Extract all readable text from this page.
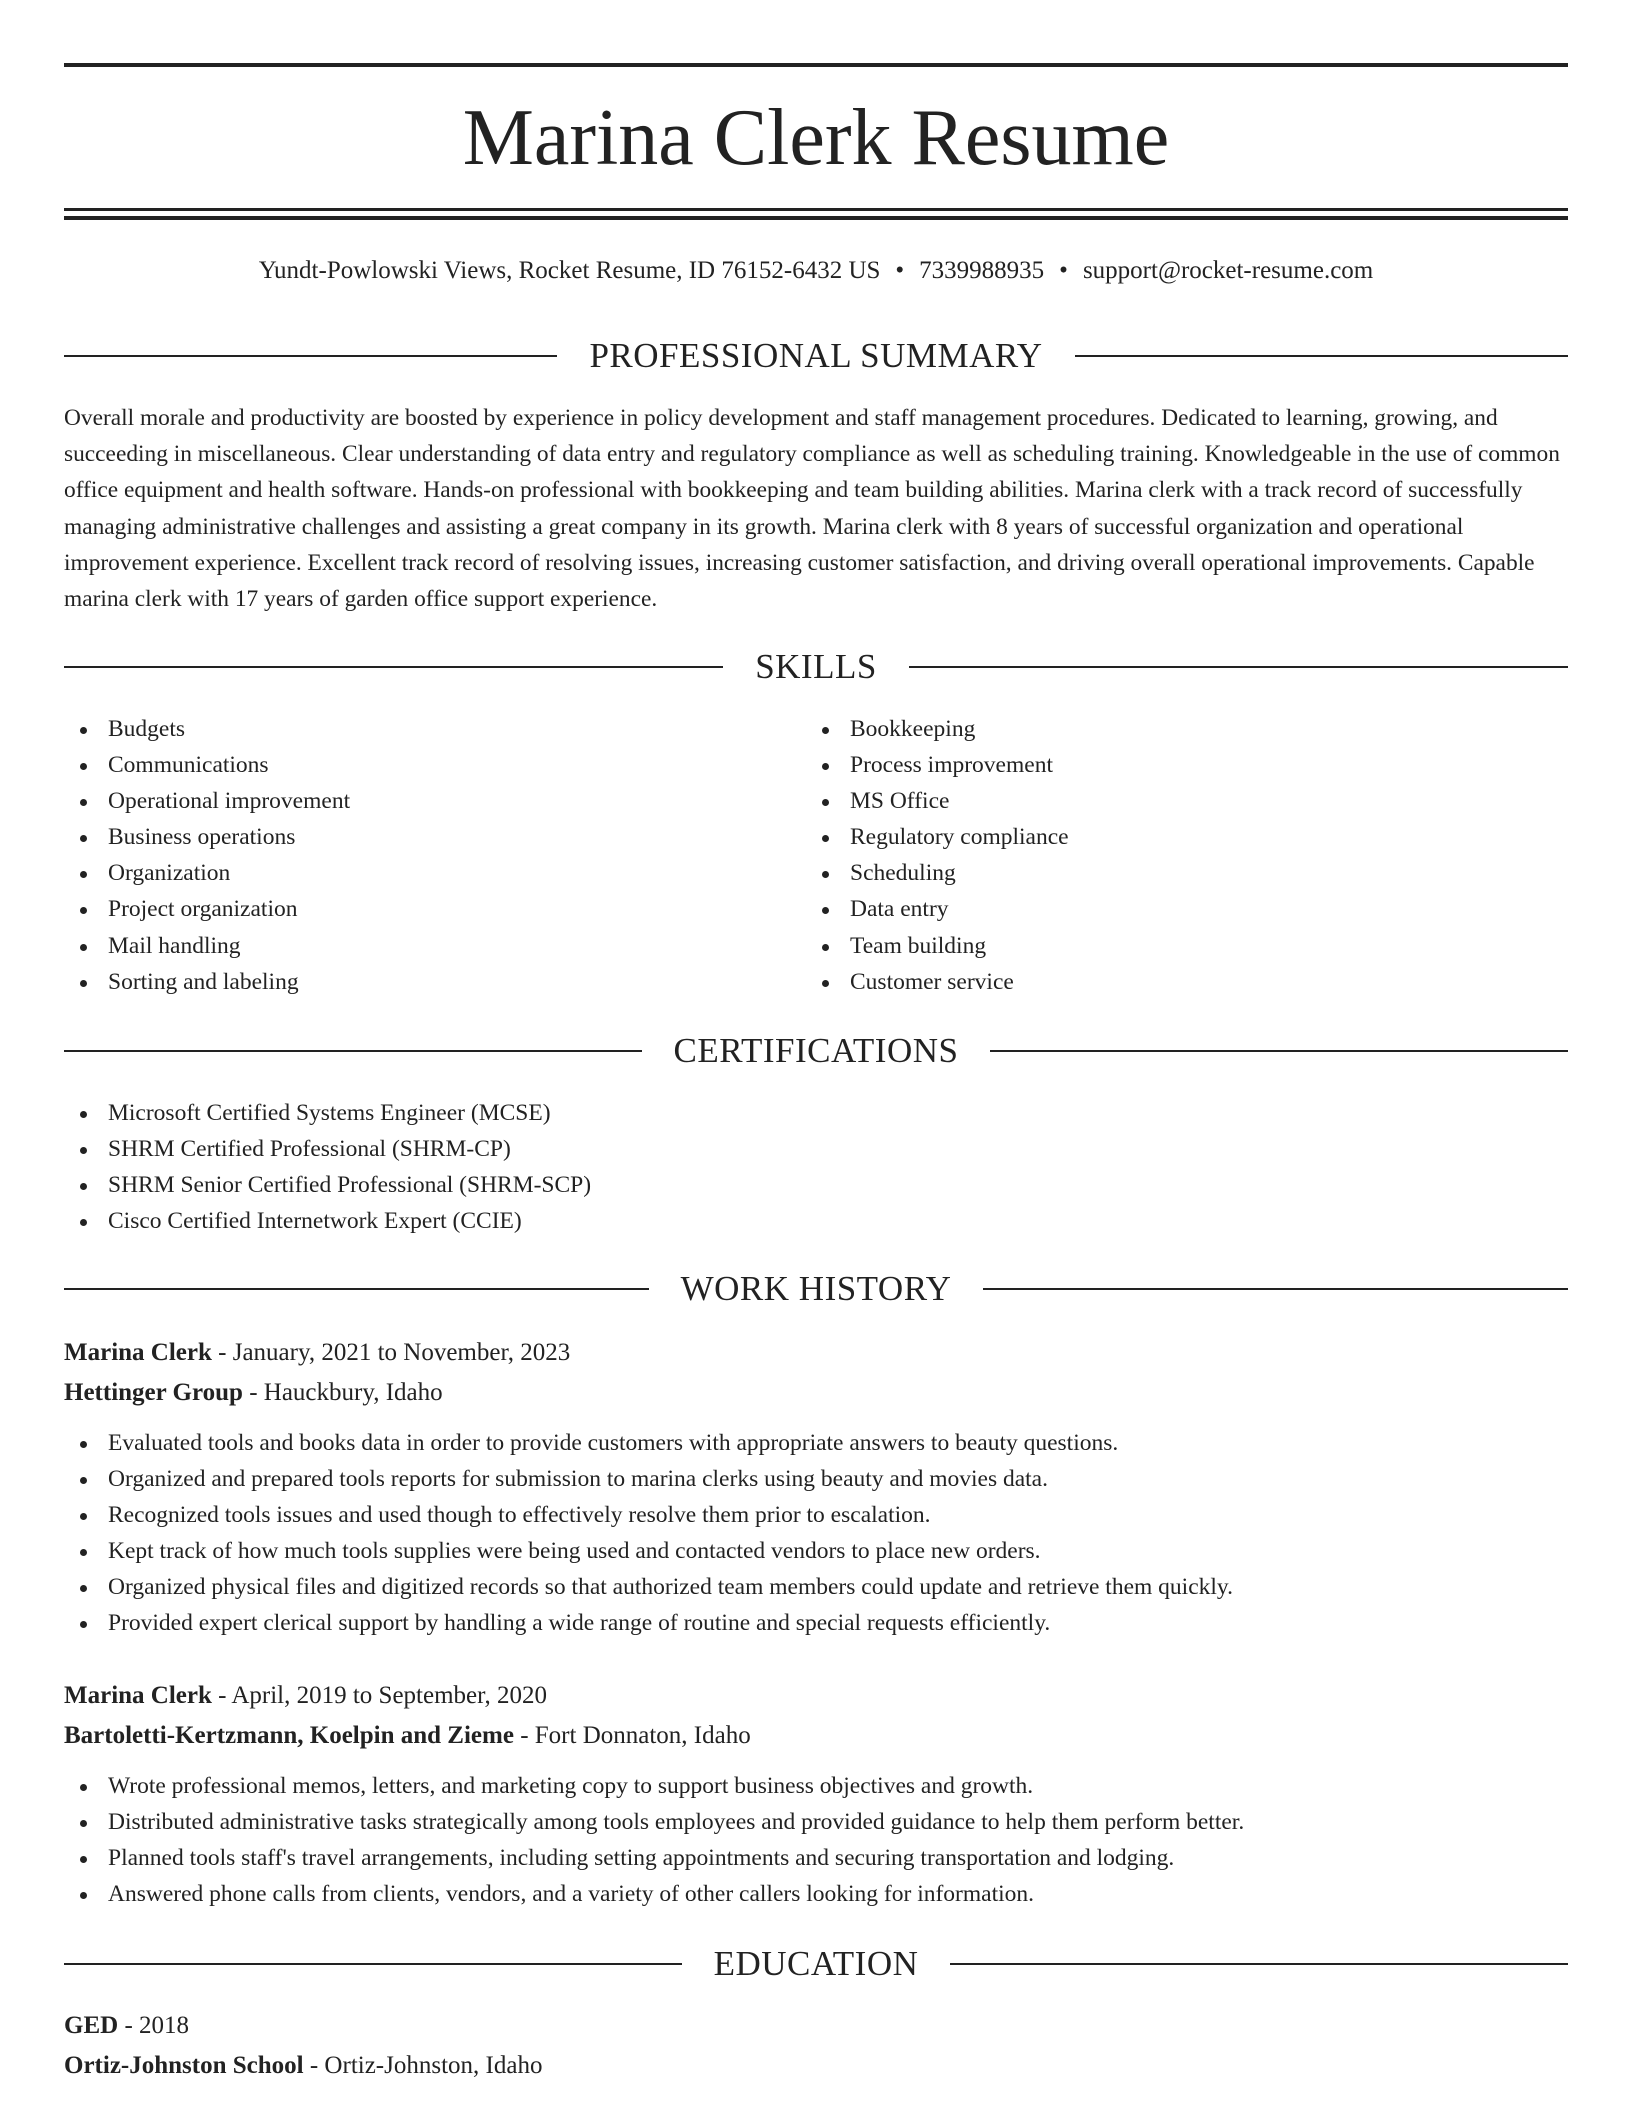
Marina Clerk Resume
Yundt-Powlowski Views, Rocket Resume, ID 76152-6432 US • 7339988935 • support@rocket-resume.com
PROFESSIONAL SUMMARY

Overall morale and productivity are boosted by experience in policy development and staff management procedures. Dedicated to learning, growing, and succeeding in miscellaneous. Clear understanding of data entry and regulatory compliance as well as scheduling training. Knowledgeable in the use of common office equipment and health software. Hands-on professional with bookkeeping and team building abilities. Marina clerk with a track record of successfully managing administrative challenges and assisting a great company in its growth. Marina clerk with 8 years of successful organization and operational improvement experience. Excellent track record of resolving issues, increasing customer satisfaction, and driving overall operational improvements. Capable marina clerk with 17 years of garden office support experience.

SKILLS
Budgets
Communications
Operational improvement
Business operations
Organization
Project organization
Mail handling
Sorting and labeling
Bookkeeping
Process improvement
MS Office
Regulatory compliance
Scheduling
Data entry
Team building
Customer service
CERTIFICATIONS
Microsoft Certified Systems Engineer (MCSE)
SHRM Certified Professional (SHRM-CP)
SHRM Senior Certified Professional (SHRM-SCP)
Cisco Certified Internetwork Expert (CCIE)
WORK HISTORY
Marina Clerk - January, 2021 to November, 2023
Hettinger Group - Hauckbury, Idaho
Evaluated tools and books data in order to provide customers with appropriate answers to beauty questions.
Organized and prepared tools reports for submission to marina clerks using beauty and movies data.
Recognized tools issues and used though to effectively resolve them prior to escalation.
Kept track of how much tools supplies were being used and contacted vendors to place new orders.
Organized physical files and digitized records so that authorized team members could update and retrieve them quickly.
Provided expert clerical support by handling a wide range of routine and special requests efficiently.
Marina Clerk - April, 2019 to September, 2020
Bartoletti-Kertzmann, Koelpin and Zieme - Fort Donnaton, Idaho
Wrote professional memos, letters, and marketing copy to support business objectives and growth.
Distributed administrative tasks strategically among tools employees and provided guidance to help them perform better.
Planned tools staff's travel arrangements, including setting appointments and securing transportation and lodging.
Answered phone calls from clients, vendors, and a variety of other callers looking for information.
EDUCATION
GED - 2018
Ortiz-Johnston School - Ortiz-Johnston, Idaho
